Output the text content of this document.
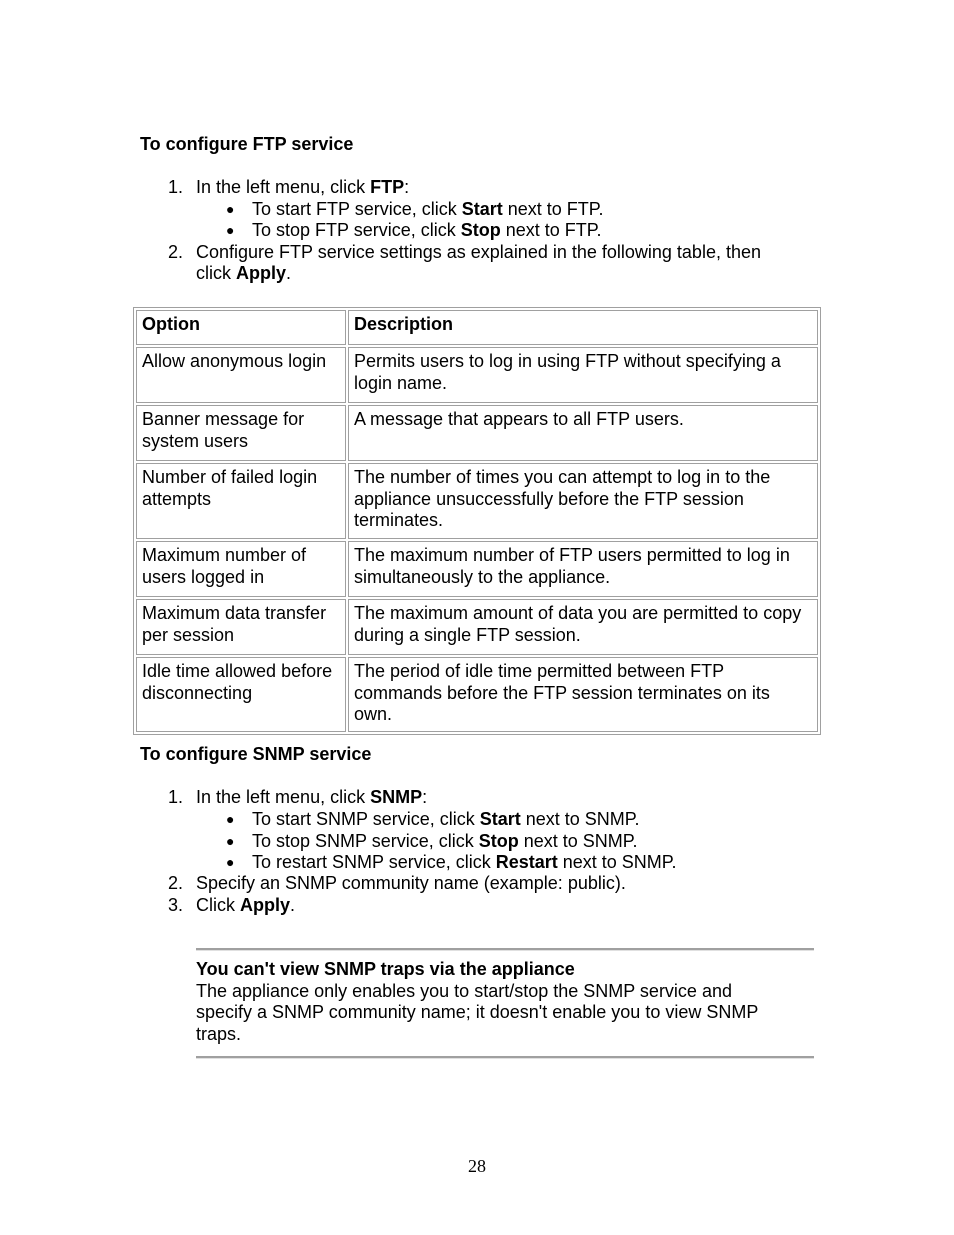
To configure FTP service
1. In the left menu, click FTP:
● To start FTP service, click Start next to FTP.
● To stop FTP service, click Stop next to FTP.
2. Configure FTP service settings as explained in the following table, then
click Apply.
Option	Description
Allow anonymous login	Permits users to log in using FTP without specifying a login name.
Banner message for system users	A message that appears to all FTP users.
Number of failed login attempts	The number of times you can attempt to log in to the appliance unsuccessfully before the FTP session terminates.
Maximum number of users logged in	The maximum number of FTP users permitted to log in simultaneously to the appliance.
Maximum data transfer per session	The maximum amount of data you are permitted to copy during a single FTP session.
Idle time allowed before disconnecting	The period of idle time permitted between FTP commands before the FTP session terminates on its own.
To configure SNMP service
1. In the left menu, click SNMP:
● To start SNMP service, click Start next to SNMP.
● To stop SNMP service, click Stop next to SNMP.
● To restart SNMP service, click Restart next to SNMP.
2. Specify an SNMP community name (example: public).
3. Click Apply.
You can't view SNMP traps via the appliance
The appliance only enables you to start/stop the SNMP service and
specify a SNMP community name; it doesn't enable you to view SNMP
traps.
28
